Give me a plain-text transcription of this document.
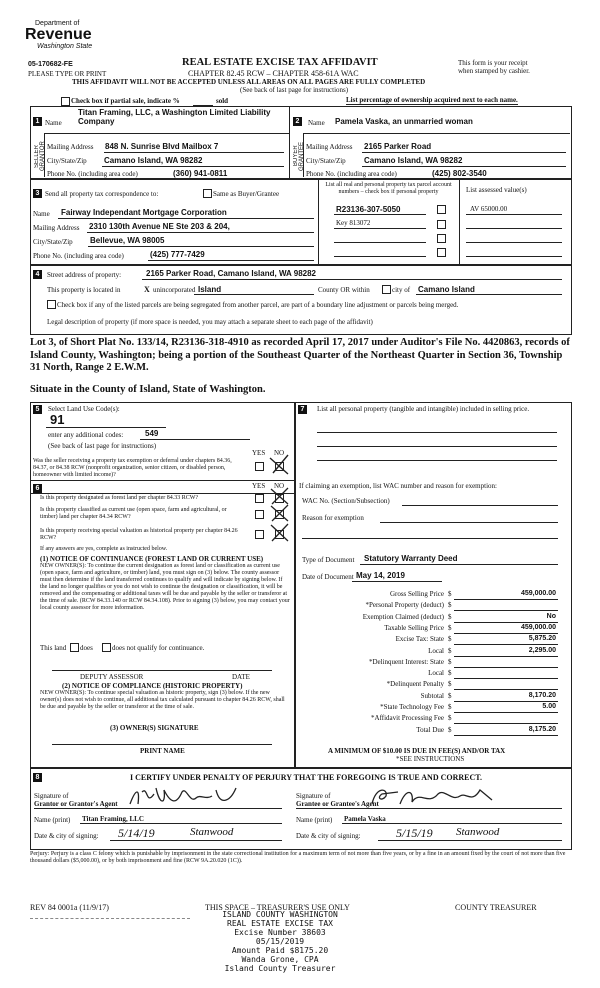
Department of
Revenue
Washington State
05-170682-FE
PLEASE TYPE OR PRINT
REAL ESTATE EXCISE TAX AFFIDAVIT
CHAPTER 82.45 RCW – CHAPTER 458-61A WAC
This form is your receipt
when stamped by cashier.
THIS AFFIDAVIT WILL NOT BE ACCEPTED UNLESS ALL AREAS ON ALL PAGES ARE FULLY COMPLETED
(See back of last page for instructions)
Check box if partial sale, indicate %	sold	List percentage of ownership acquired next to each name.
1
SELLER GRANTOR
Titan Framing, LLC, a Washington Limited Liability Company
Name
Mailing Address 848 N. Sunrise Blvd Mailbox 7
City/State/Zip Camano Island, WA 98282
Phone No. (including area code)	(360) 941-0811
2
BUYER GRANTEE
Name Pamela Vaska, an unmarried woman
Mailing Address 2165 Parker Road
City/State/Zip Camano Island, WA 98282
Phone No. (including area code)	(425) 802-3540
3 Send all property tax correspondence to:	Same as Buyer/Grantee
Name Fairway Independant Mortgage Corporation
Mailing Address 2310 130th Avenue NE Ste 203 & 204,
City/State/Zip Bellevue, WA 98005
Phone No. (including area code)	(425) 777-7429
List all real and personal property tax parcel account numbers – check box if personal property	List assessed value(s)
R23136-307-5050
Key 813072
AV 65000.00
4	Street address of property:	2165 Parker Road, Camano Island, WA 98282
This property is located in	X unincorporated Island	County OR within	city of Camano Island
Check box if any of the listed parcels are being segregated from another parcel, are part of a boundary line adjustment or parcels being merged.
Legal description of property (if more space is needed, you may attach a separate sheet to each page of the affidavit)
Lot 3, of Short Plat No. 133/14, R23136-318-4910 as recorded April 17, 2017 under Auditor's File No. 4420863, records of Island County, Washington; being a portion of the Southeast Quarter of the Northeast Quarter in Section 36, Township 31 North, Range 2 E.W.M.
Situate in the County of Island, State of Washington.
5	Select Land Use Code(s):
91
enter any additional codes:	549
(See back of last page for instructions)
YES NO
Was the seller receiving a property tax exemption or deferral under chapters 84.36, 84.37, or 84.38 RCW (nonprofit organization, senior citizen, or disabled person, homeowner with limited income)?
6	YES NO
Is this property designated as forest land per chapter 84.33 RCW?
Is this property classified as current use (open space, farm and agricultural, or timber) land per chapter 84.34 RCW?
Is this property receiving special valuation as historical property per chapter 84.26 RCW?
If any answers are yes, complete as instructed below.
(1) NOTICE OF CONTINUANCE (FOREST LAND OR CURRENT USE)
NEW OWNER(S): To continue the current designation as forest land or classification as current use (open space, farm and agriculture, or timber) land, you must sign on (3) below. The county assessor must then determine if the land transferred continues to qualify and will indicate by signing below. If the land no longer qualifies or you do not wish to continue the designation or classification, it will be removed and the compensating or additional taxes will be due and payable by the seller or transferor at the time of sale. (RCW 84.33.140 or RCW 84.34.108). Prior to signing (3) below, you may contact your local county assessor for more information.
This land does	does not qualify for continuance.
DEPUTY ASSESSOR	DATE
(2) NOTICE OF COMPLIANCE (HISTORIC PROPERTY)
NEW OWNER(S): To continue special valuation as historic property, sign (3) below. If the new owner(s) does not wish to continue, all additional tax calculated pursuant to chapter 84.26 RCW, shall be due and payable by the seller or transferor at the time of sale.
(3) OWNER(S) SIGNATURE
PRINT NAME
7	List all personal property (tangible and intangible) included in selling price.
If claiming an exemption, list WAC number and reason for exemption:
WAC No. (Section/Subsection)
Reason for exemption
Type of Document Statutory Warranty Deed
Date of Document May 14, 2019
Gross Selling Price $	459,000.00
*Personal Property (deduct) $
Exemption Claimed (deduct) $	No
Taxable Selling Price $	459,000.00
Excise Tax: State $	5,875.20
Local $	2,295.00
*Delinquent Interest: State $
Local $
*Delinquent Penalty $
Subtotal $	8,170.20
*State Technology Fee $	5.00
*Affidavit Processing Fee $
Total Due $	8,175.20
A MINIMUM OF $10.00 IS DUE IN FEE(S) AND/OR TAX
*SEE INSTRUCTIONS
8	I CERTIFY UNDER PENALTY OF PERJURY THAT THE FOREGOING IS TRUE AND CORRECT.
Signature of
Grantor or Grantor's Agent
Name (print) Titan Framing, LLC
Date & city of signing: 5/14/19	Stanwood
Signature of
Grantee or Grantee's Agent
Name (print) Pamela Vaska
Date & city of signing:	5/15/19 Stanwood
Perjury: Perjury is a class C felony which is punishable by imprisonment in the state correctional institution for a maximum term of not more than five years, or by a fine in an amount fixed by the court of not more than five thousand dollars ($5,000.00), or by both imprisonment and fine (RCW 9A.20.020 (1C)).
REV 84 0001a (11/9/17)	THIS SPACE – TREASURER'S USE ONLY	COUNTY TREASURER
ISLAND COUNTY WASHINGTON
REAL ESTATE EXCISE TAX
Excise Number 38603
05/15/2019
Amount Paid $8175.20
Wanda Grone, CPA
Island County Treasurer
